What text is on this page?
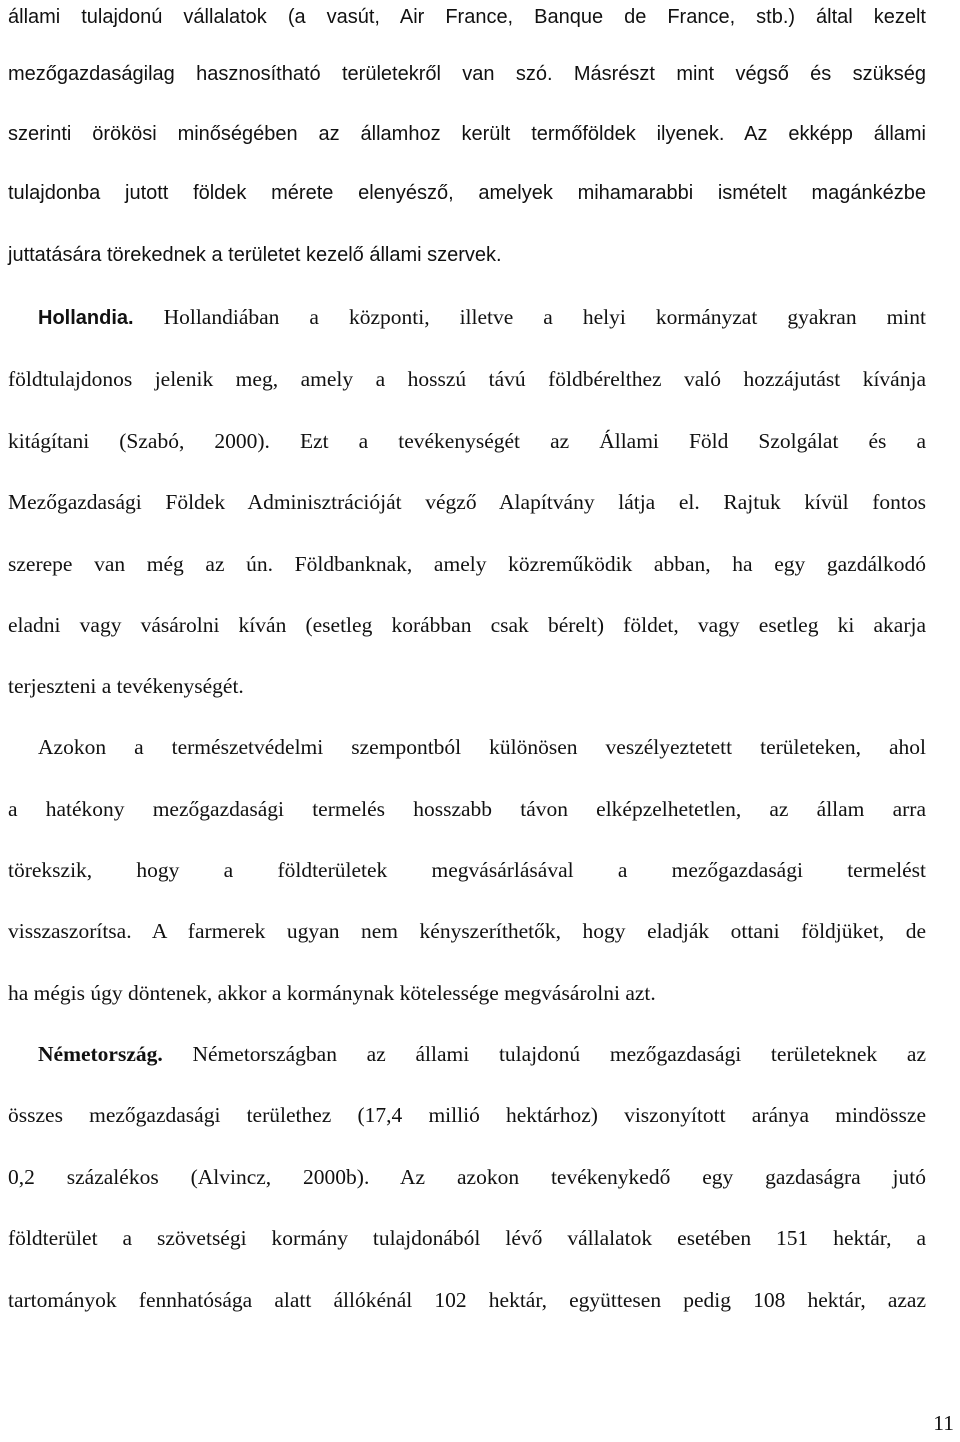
állami tulajdonú vállalatok (a vasút, Air France, Banque de France, stb.) által kezelt
mezőgazdaságilag hasznosítható területekről van szó. Másrészt mint végső és szükség
szerinti örökösi minőségében az államhoz került termőföldek ilyenek. Az ekképp állami
tulajdonba jutott földek mérete elenyésző, amelyek mihamarabbi ismételt magánkézbe
juttatására törekednek a területet kezelő állami szervek.
Hollandia. Hollandiában a központi, illetve a helyi kormányzat gyakran mint
földtulajdonos jelenik meg, amely a hosszú távú földbérelthez való hozzájutást kívánja
kitágítani (Szabó, 2000). Ezt a tevékenységét az Állami Föld Szolgálat és a
Mezőgazdasági Földek Adminisztrációját végző Alapítvány látja el. Rajtuk kívül fontos
szerepe van még az ún. Földbanknak, amely közreműködik abban, ha egy gazdálkodó
eladni vagy vásárolni kíván (esetleg korábban csak bérelt) földet, vagy esetleg ki akarja
terjeszteni a tevékenységét.
Azokon a természetvédelmi szempontból különösen veszélyeztetett területeken, ahol
a hatékony mezőgazdasági termelés hosszabb távon elképzelhetetlen, az állam arra
törekszik, hogy a földterületek megvásárlásával a mezőgazdasági termelést
visszaszorítsa. A farmerek ugyan nem kényszeríthetők, hogy eladják ottani földjüket, de
ha mégis úgy döntenek, akkor a kormánynak kötelessége megvásárolni azt.
Németország. Németországban az állami tulajdonú mezőgazdasági területeknek az
összes mezőgazdasági területhez (17,4 millió hektárhoz) viszonyított aránya mindössze
0,2 százalékos (Alvincz, 2000b). Az azokon tevékenykedő egy gazdaságra jutó
földterület a szövetségi kormány tulajdonából lévő vállalatok esetében 151 hektár, a
tartományok fennhatósága alatt állókénál 102 hektár, együttesen pedig 108 hektár, azaz
11
